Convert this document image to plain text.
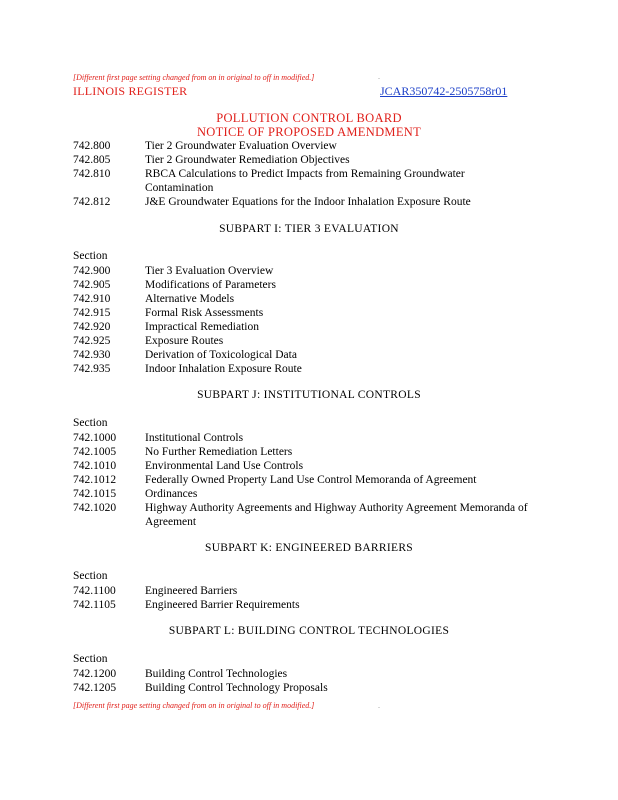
[Different first page setting changed from on in original to off in modified.]	.
ILLINOIS REGISTER	JCAR350742-2505758r01
POLLUTION CONTROL BOARD
NOTICE OF PROPOSED AMENDMENT
742.800	Tier 2 Groundwater Evaluation Overview
742.805	Tier 2 Groundwater Remediation Objectives
742.810	RBCA Calculations to Predict Impacts from Remaining Groundwater Contamination
742.812	J&E Groundwater Equations for the Indoor Inhalation Exposure Route
SUBPART I: TIER 3 EVALUATION
Section
742.900	Tier 3 Evaluation Overview
742.905	Modifications of Parameters
742.910	Alternative Models
742.915	Formal Risk Assessments
742.920	Impractical Remediation
742.925	Exposure Routes
742.930	Derivation of Toxicological Data
742.935	Indoor Inhalation Exposure Route
SUBPART J: INSTITUTIONAL CONTROLS
Section
742.1000	Institutional Controls
742.1005	No Further Remediation Letters
742.1010	Environmental Land Use Controls
742.1012	Federally Owned Property Land Use Control Memoranda of Agreement
742.1015	Ordinances
742.1020	Highway Authority Agreements and Highway Authority Agreement Memoranda of Agreement
SUBPART K: ENGINEERED BARRIERS
Section
742.1100	Engineered Barriers
742.1105	Engineered Barrier Requirements
SUBPART L: BUILDING CONTROL TECHNOLOGIES
Section
742.1200	Building Control Technologies
742.1205	Building Control Technology Proposals
[Different first page setting changed from on in original to off in modified.]	.
